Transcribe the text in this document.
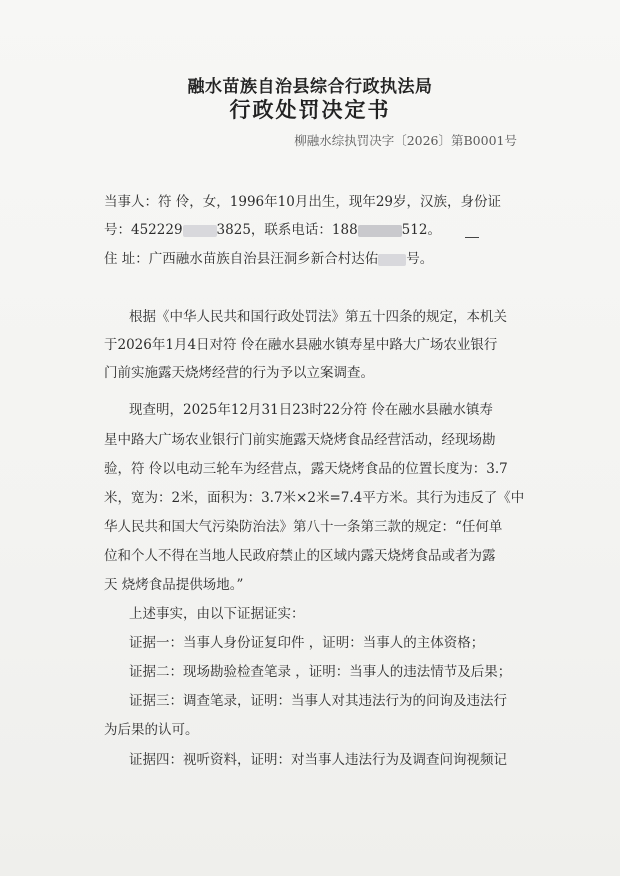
融水苗族自治县综合行政执法局
行政处罚决定书
柳融水综执罚决字〔2026〕第B0001号
当事人：符 伶，女，1996年10月出生，现年29岁，汉族，身份证
号：452229	3825，联系电话：188	512。
住 址：广西融水苗族自治县汪洞乡新合村达佑 号。
根据《中华人民共和国行政处罚法》第五十四条的规定，本机关
于2026年1月4日对符 伶在融水县融水镇寿星中路大广场农业银行
门前实施露天烧烤经营的行为予以立案调查。
现查明，2025年12月31日23时22分符 伶在融水县融水镇寿
星中路大广场农业银行门前实施露天烧烤食品经营活动，经现场勘
验，符 伶以电动三轮车为经营点，露天烧烤食品的位置长度为：3.7
米，宽为：2米，面积为：3.7米×2米=7.4平方米。其行为违反了《中
华人民共和国大气污染防治法》第八十一条第三款的规定：“任何单
位和个人不得在当地人民政府禁止的区域内露天烧烤食品或者为露
天 烧烤食品提供场地。”
上述事实，由以下证据证实：
证据一：当事人身份证复印件 ，证明：当事人的主体资格；
证据二：现场勘验检查笔录 ，证明：当事人的违法情节及后果；
证据三：调查笔录，证明：当事人对其违法行为的问询及违法行
为后果的认可。
证据四：视听资料，证明：对当事人违法行为及调查问询视频记
